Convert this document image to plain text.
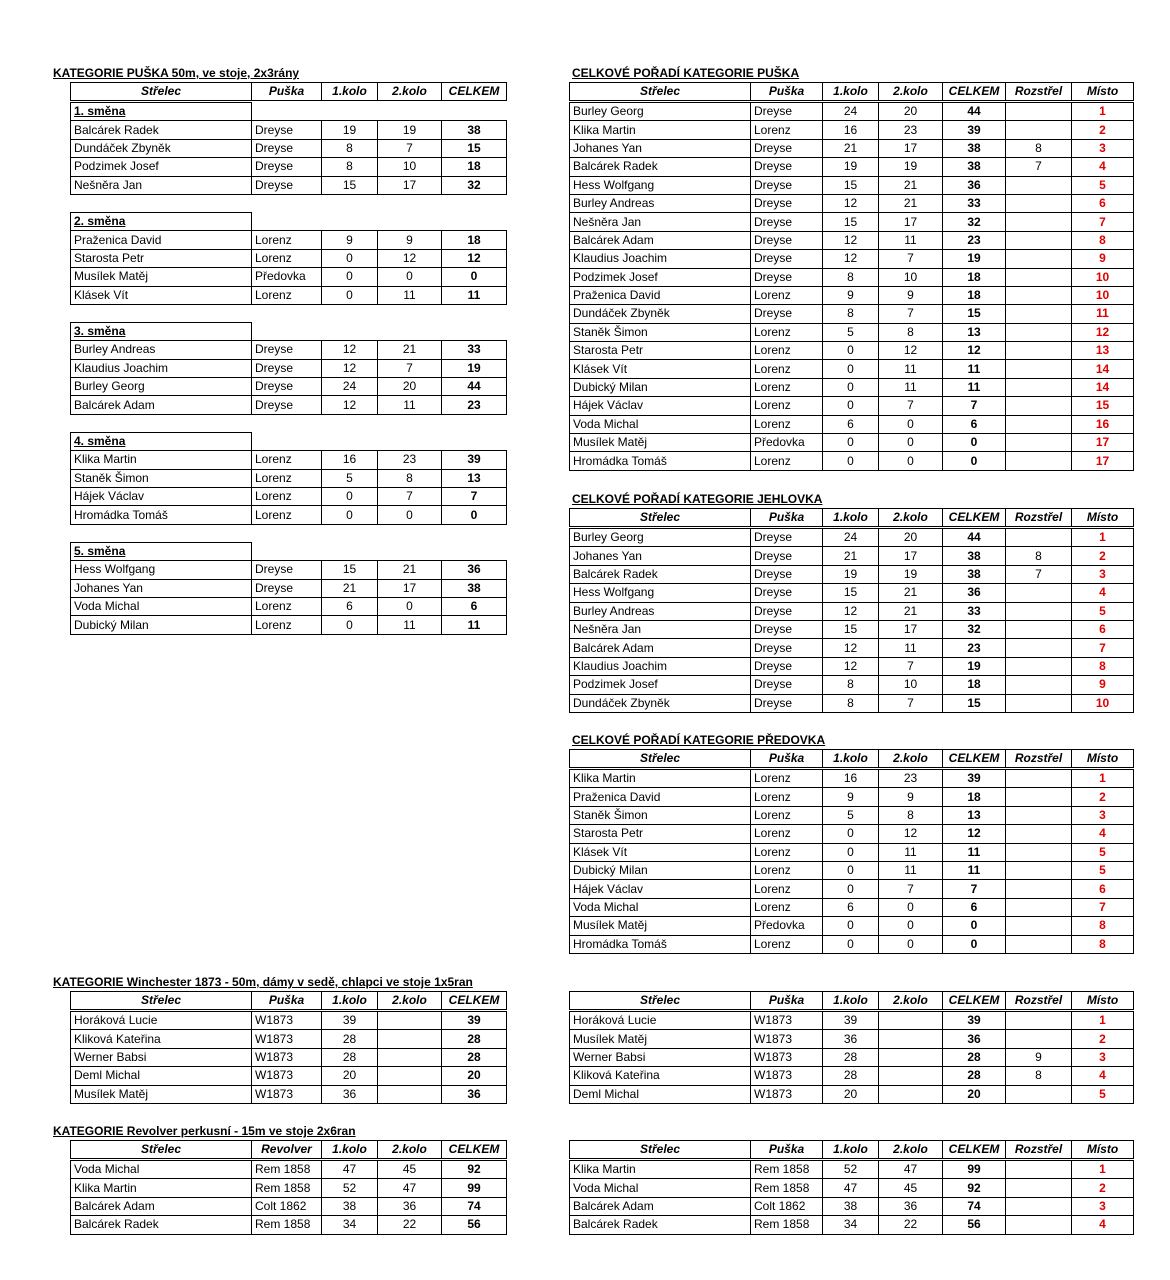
KATEGORIE PUŠKA 50m, ve stoje, 2x3rány	CELKOVÉ POŘADÍ KATEGORIE PUŠKA
CELKOVÉ POŘADÍ KATEGORIE JEHLOVKA
CELKOVÉ POŘADÍ KATEGORIE PŘEDOVKA
KATEGORIE Winchester 1873 - 50m, dámy v sedě, chlapci ve stoje 1x5ran
KATEGORIE Revolver perkusní - 15m ve stoje 2x6ran
Střelec	Puška	1.kolo	2.kolo	CELKEM

1. směna				
Balcárek Radek	Dreyse	19	19	38
Dundáček Zbyněk	Dreyse	8	7	15
Podzimek Josef	Dreyse	8	10	18
Nešněra Jan	Dreyse	15	17	32

2. směna				
Praženica David	Lorenz	9	9	18
Starosta Petr	Lorenz	0	12	12
Musílek Matěj	Předovka	0	0	0
Klásek Vít	Lorenz	0	11	11

3. směna				
Burley Andreas	Dreyse	12	21	33
Klaudius Joachim	Dreyse	12	7	19
Burley Georg	Dreyse	24	20	44
Balcárek Adam	Dreyse	12	11	23

4. směna				
Klika Martin	Lorenz	16	23	39
Staněk Šimon	Lorenz	5	8	13
Hájek Václav	Lorenz	0	7	7
Hromádka Tomáš	Lorenz	0	0	0

5. směna				
Hess Wolfgang	Dreyse	15	21	36
Johanes Yan	Dreyse	21	17	38
Voda Michal	Lorenz	6	0	6
Dubický Milan	Lorenz	0	11	11
Střelec	Puška	1.kolo	2.kolo	CELKEM	Rozstřel	Místo

Burley Georg	Dreyse	24	20	44		1
Klika Martin	Lorenz	16	23	39		2
Johanes Yan	Dreyse	21	17	38	8	3
Balcárek Radek	Dreyse	19	19	38	7	4
Hess Wolfgang	Dreyse	15	21	36		5
Burley Andreas	Dreyse	12	21	33		6
Nešněra Jan	Dreyse	15	17	32		7
Balcárek Adam	Dreyse	12	11	23		8
Klaudius Joachim	Dreyse	12	7	19		9
Podzimek Josef	Dreyse	8	10	18		10
Praženica David	Lorenz	9	9	18		10
Dundáček Zbyněk	Dreyse	8	7	15		11
Staněk Šimon	Lorenz	5	8	13		12
Starosta Petr	Lorenz	0	12	12		13
Klásek Vít	Lorenz	0	11	11		14
Dubický Milan	Lorenz	0	11	11		14
Hájek Václav	Lorenz	0	7	7		15
Voda Michal	Lorenz	6	0	6		16
Musílek Matěj	Předovka	0	0	0		17
Hromádka Tomáš	Lorenz	0	0	0		17
Střelec	Puška	1.kolo	2.kolo	CELKEM	Rozstřel	Místo

Burley Georg	Dreyse	24	20	44		1
Johanes Yan	Dreyse	21	17	38	8	2
Balcárek Radek	Dreyse	19	19	38	7	3
Hess Wolfgang	Dreyse	15	21	36		4
Burley Andreas	Dreyse	12	21	33		5
Nešněra Jan	Dreyse	15	17	32		6
Balcárek Adam	Dreyse	12	11	23		7
Klaudius Joachim	Dreyse	12	7	19		8
Podzimek Josef	Dreyse	8	10	18		9
Dundáček Zbyněk	Dreyse	8	7	15		10
Střelec	Puška	1.kolo	2.kolo	CELKEM	Rozstřel	Místo

Klika Martin	Lorenz	16	23	39		1
Praženica David	Lorenz	9	9	18		2
Staněk Šimon	Lorenz	5	8	13		3
Starosta Petr	Lorenz	0	12	12		4
Klásek Vít	Lorenz	0	11	11		5
Dubický Milan	Lorenz	0	11	11		5
Hájek Václav	Lorenz	0	7	7		6
Voda Michal	Lorenz	6	0	6		7
Musílek Matěj	Předovka	0	0	0		8
Hromádka Tomáš	Lorenz	0	0	0		8
Střelec	Puška	1.kolo	2.kolo	CELKEM

Horáková Lucie	W1873	39		39
Kliková Kateřina	W1873	28		28
Werner Babsi	W1873	28		28
Deml Michal	W1873	20		20
Musílek Matěj	W1873	36		36
Střelec	Puška	1.kolo	2.kolo	CELKEM	Rozstřel	Místo

Horáková Lucie	W1873	39		39		1
Musílek Matěj	W1873	36		36		2
Werner Babsi	W1873	28		28	9	3
Kliková Kateřina	W1873	28		28	8	4
Deml Michal	W1873	20		20		5
Střelec	Revolver	1.kolo	2.kolo	CELKEM

Voda Michal	Rem 1858	47	45	92
Klika Martin	Rem 1858	52	47	99
Balcárek Adam	Colt 1862	38	36	74
Balcárek Radek	Rem 1858	34	22	56
Střelec	Puška	1.kolo	2.kolo	CELKEM	Rozstřel	Místo

Klika Martin	Rem 1858	52	47	99		1
Voda Michal	Rem 1858	47	45	92		2
Balcárek Adam	Colt 1862	38	36	74		3
Balcárek Radek	Rem 1858	34	22	56		4
